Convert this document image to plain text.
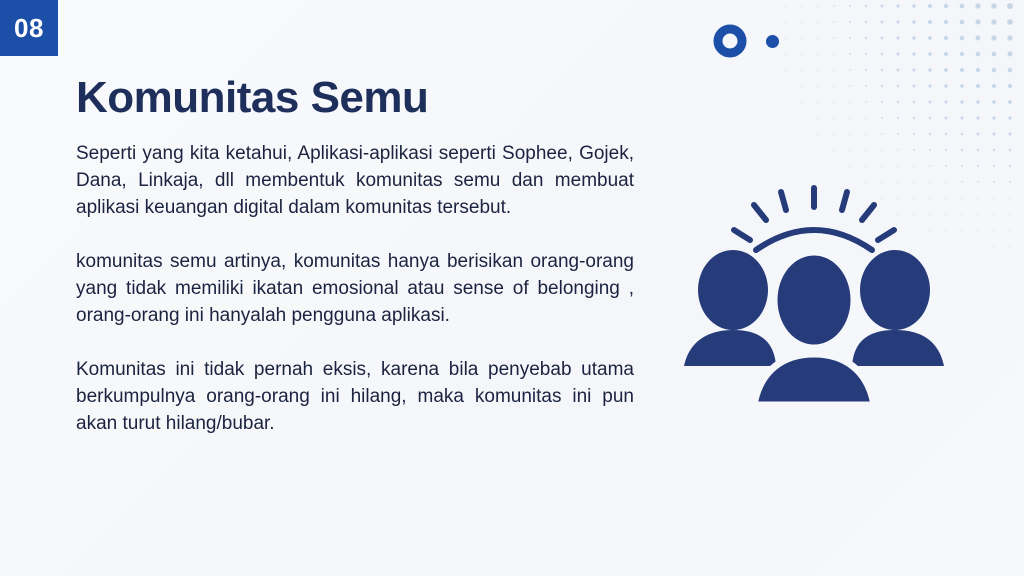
08
Komunitas Semu

Seperti yang kita ketahui, Aplikasi-aplikasi seperti Sophee, Gojek, Dana, Linkaja, dll membentuk komunitas semu dan membuat aplikasi keuangan digital dalam komunitas tersebut.

komunitas semu artinya, komunitas hanya berisikan orang-orang yang tidak memiliki ikatan emosional atau sense of belonging , orang-orang ini hanyalah pengguna aplikasi.

Komunitas ini tidak pernah eksis, karena bila penyebab utama berkumpulnya orang-orang ini hilang, maka komunitas ini pun akan turut hilang/bubar.
